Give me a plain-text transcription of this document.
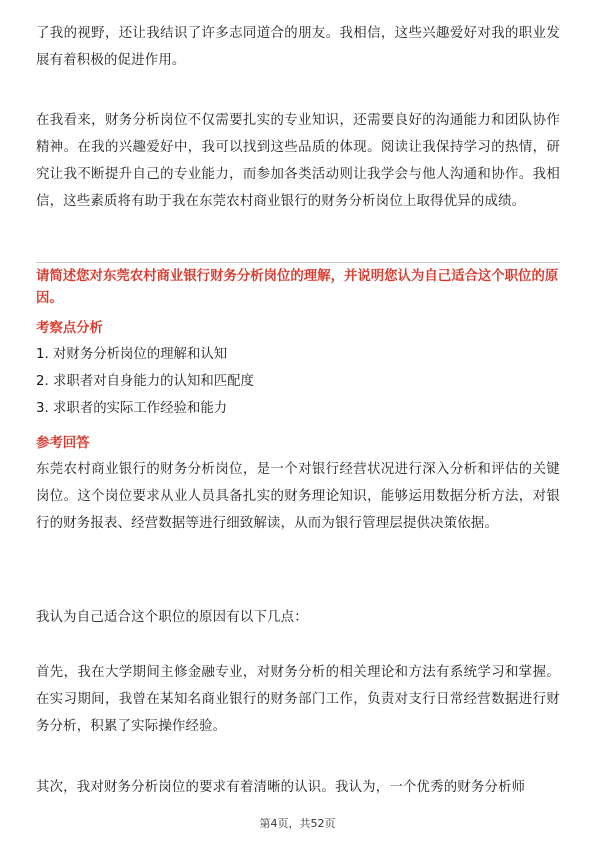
了我的视野，还让我结识了许多志同道合的朋友。我相信，这些兴趣爱好对我的职业发展有着积极的促进作用。

在我看来，财务分析岗位不仅需要扎实的专业知识，还需要良好的沟通能力和团队协作精神。在我的兴趣爱好中，我可以找到这些品质的体现。阅读让我保持学习的热情，研究让我不断提升自己的专业能力，而参加各类活动则让我学会与他人沟通和协作。我相信，这些素质将有助于我在东莞农村商业银行的财务分析岗位上取得优异的成绩。

请简述您对东莞农村商业银行财务分析岗位的理解，并说明您认为自己适合这个职位的原因。

考察点分析

1. 对财务分析岗位的理解和认知

2. 求职者对自身能力的认知和匹配度

3. 求职者的实际工作经验和能力

参考回答

东莞农村商业银行的财务分析岗位，是一个对银行经营状况进行深入分析和评估的关键岗位。这个岗位要求从业人员具备扎实的财务理论知识，能够运用数据分析方法，对银行的财务报表、经营数据等进行细致解读，从而为银行管理层提供决策依据。

我认为自己适合这个职位的原因有以下几点：

首先，我在大学期间主修金融专业，对财务分析的相关理论和方法有系统学习和掌握。在实习期间，我曾在某知名商业银行的财务部门工作，负责对支行日常经营数据进行财务分析，积累了实际操作经验。

其次，我对财务分析岗位的要求有着清晰的认识。我认为，一个优秀的财务分析师

第4页，共52页
